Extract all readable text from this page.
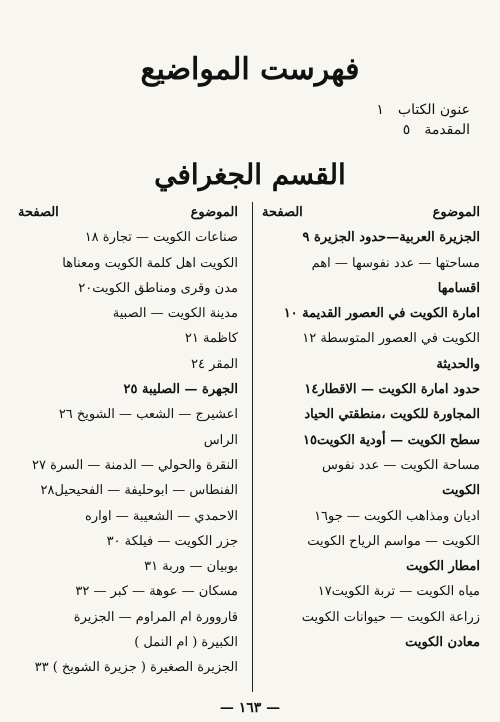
فهرست المواضيع
عنون الكتاب
١
المقدمة
٥
القسم الجغرافي
الموضوع
الصفحة
الجزيرة العربية—حدود الجزيرة ٩
مساحتها — عدد نفوسها — اهم
اقسامها
امارة الكويت في العصور القديمة ١٠
الكويت في العصور المتوسطة ١٢
والحديثة
حدود امارة الكويت — الاقطار١٤
المجاورة للكويت ،منطقتي الحياد
سطح الكويت — أودية الكويت١٥
مساحة الكويت — عدد نفوس
الكويت
اديان ومذاهب الكويت — جو١٦
الكويت — مواسم الرياح الكويت
امطار الكويت
مياه الكويت — تربة الكويت١٧
زراعة الكويت — حيوانات الكويت
معادن الكويت
الموضوع
الصفحة
صناعات الكويت — تجارة ١٨
الكويت اهل كلمة الكويت ومعناها
مدن وقرى ومناطق الكويت٢٠
مدينة الكويت — الصبية
كاظمة ٢١
المقر ٢٤
الجهرة — الصليبة ٢٥
اعشيرج — الشعب — الشويخ ٢٦
الراس
النقرة والحولي — الدمنة — السرة ٢٧
الفنطاس — ابوحليفة — الفحيحيل٢٨
الاحمدي — الشعيبة — اواره
جزر الكويت — فيلكة ٣٠
بوبيان — وربة ٣١
مسكان — عوهة — كبر — ٣٢
قاروورة ام المراوم — الجزيرة
الكبيرة ( ام النمل )
الجزيرة الصغيرة ( جزيرة الشويخ ) ٣٣
— ١٦٣ —
